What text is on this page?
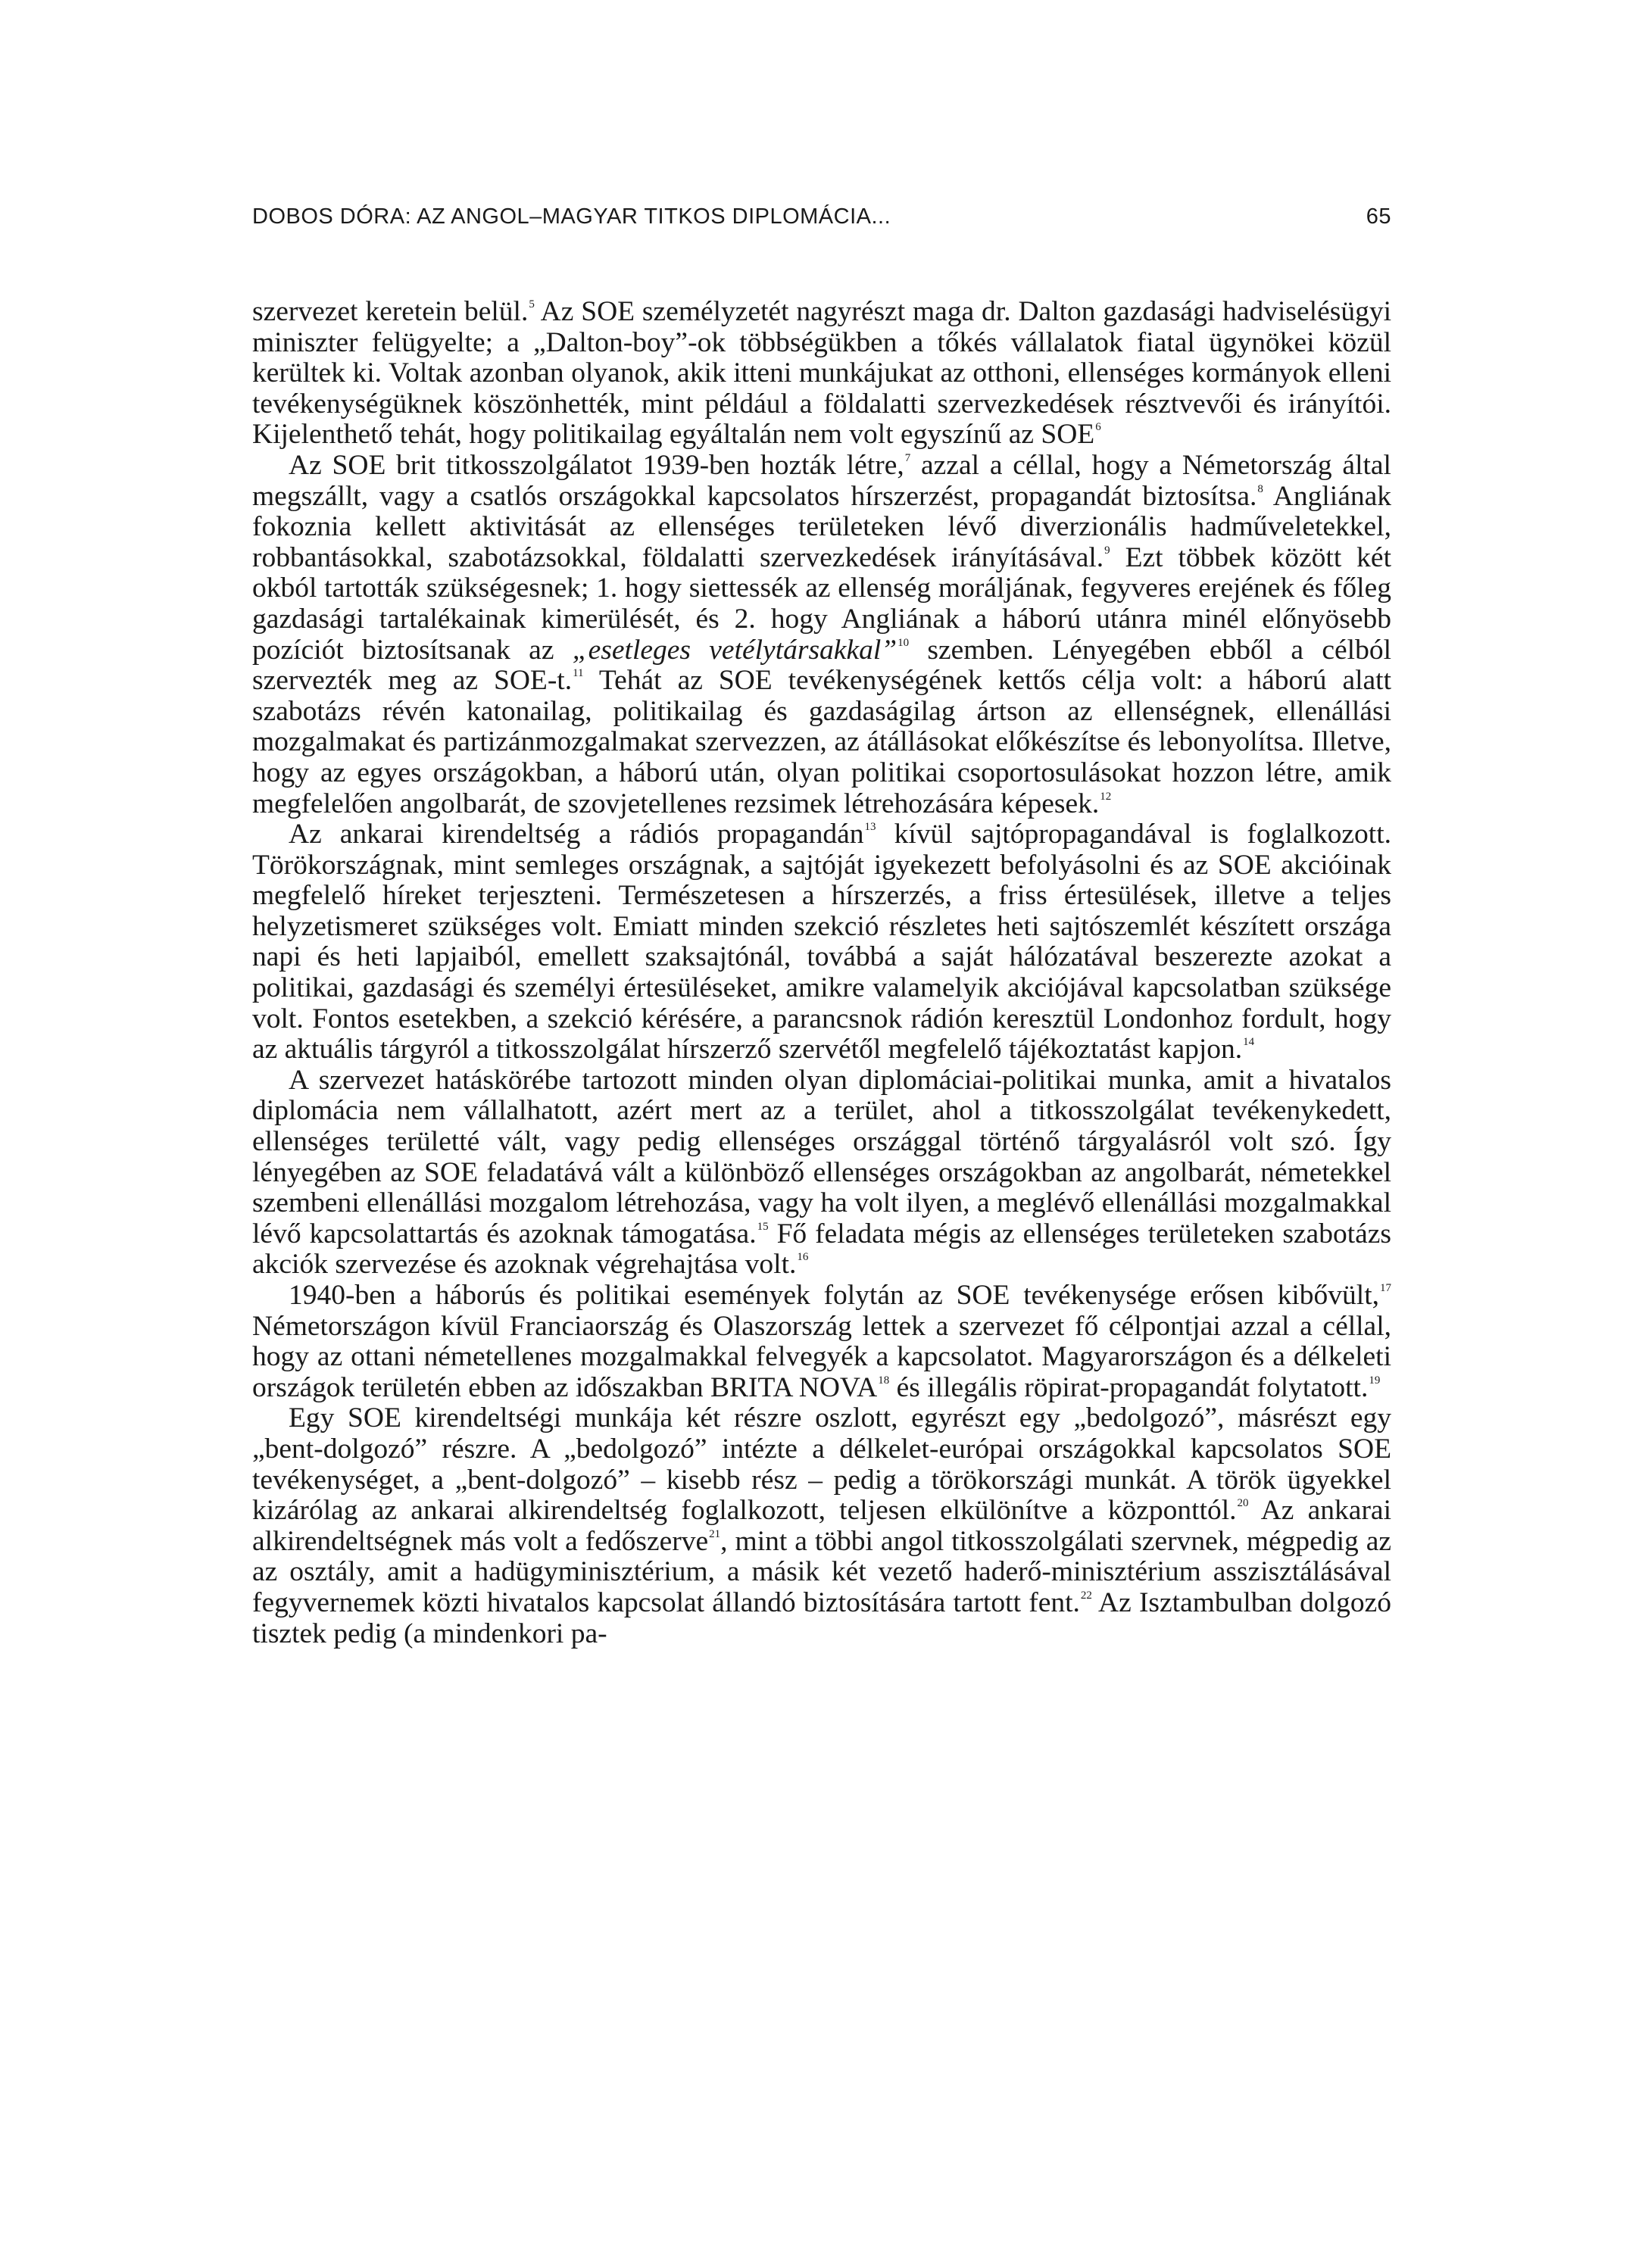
DOBOS DÓRA: AZ ANGOL–MAGYAR TITKOS DIPLOMÁCIA...	65

szervezet keretein belül.$^5$ Az SOE személyzetét nagyrészt maga dr. Dalton gazdasági hadviselésügyi miniszter felügyelte; a „Dalton-boy”-ok többségükben a tőkés vállalatok fiatal ügynökei közül kerültek ki. Voltak azonban olyanok, akik itteni munkájukat az otthoni, ellenséges kormányok elleni tevékenységüknek köszönhették, mint például a földalatti szervezkedések résztvevői és irányítói. Kijelenthető tehát, hogy politikailag egyáltalán nem volt egyszínű az SOE$^6$

Az SOE brit titkosszolgálatot 1939-ben hozták létre,$^7$ azzal a céllal, hogy a Németország által megszállt, vagy a csatlós országokkal kapcsolatos hírszerzést, propagandát biztosítsa.$^8$ Angliának fokoznia kellett aktivitását az ellenséges területeken lévő diverzionális hadműveletekkel, robbantásokkal, szabotázsokkal, földalatti szervezkedések irányításával.$^9$ Ezt többek között két okból tartották szükségesnek; 1. hogy siettessék az ellenség moráljának, fegyveres erejének és főleg gazdasági tartalékainak kimerülését, és 2. hogy Angliának a háború utánra minél előnyösebb pozíciót biztosítsanak az „esetleges vetélytársakkal”$^{10}$ szemben. Lényegében ebből a célból szervezték meg az SOE-t.$^{11}$ Tehát az SOE tevékenységének kettős célja volt: a háború alatt szabotázs révén katonailag, politikailag és gazdaságilag ártson az ellenségnek, ellenállási mozgalmakat és partizánmozgalmakat szervezzen, az átállásokat előkészítse és lebonyolítsa. Illetve, hogy az egyes országokban, a háború után, olyan politikai csoportosulásokat hozzon létre, amik megfelelően angolbarát, de szovjetellenes rezsimek létrehozására képesek.$^{12}$

Az ankarai kirendeltség a rádiós propagandán$^{13}$ kívül sajtópropagandával is foglalkozott. Törökországnak, mint semleges országnak, a sajtóját igyekezett befolyásolni és az SOE akcióinak megfelelő híreket terjeszteni. Természetesen a hírszerzés, a friss értesülések, illetve a teljes helyzetismeret szükséges volt. Emiatt minden szekció részletes heti sajtószemlét készített országa napi és heti lapjaiból, emellett szaksajtónál, továbbá a saját hálózatával beszerezte azokat a politikai, gazdasági és személyi értesüléseket, amikre valamelyik akciójával kapcsolatban szüksége volt. Fontos esetekben, a szekció kérésére, a parancsnok rádión keresztül Londonhoz fordult, hogy az aktuális tárgyról a titkosszolgálat hírszerző szervétől megfelelő tájékoztatást kapjon.$^{14}$

A szervezet hatáskörébe tartozott minden olyan diplomáciai-politikai munka, amit a hivatalos diplomácia nem vállalhatott, azért mert az a terület, ahol a titkosszolgálat tevékenykedett, ellenséges területté vált, vagy pedig ellenséges országgal történő tárgyalásról volt szó. Így lényegében az SOE feladatává vált a különböző ellenséges országokban az angolbarát, németekkel szembeni ellenállási mozgalom létrehozása, vagy ha volt ilyen, a meglévő ellenállási mozgalmakkal lévő kapcsolattartás és azoknak támogatása.$^{15}$ Fő feladata mégis az ellenséges területeken szabotázs akciók szervezése és azoknak végrehajtása volt.$^{16}$

1940-ben a háborús és politikai események folytán az SOE tevékenysége erősen kibővült,$^{17}$ Németországon kívül Franciaország és Olaszország lettek a szervezet fő célpontjai azzal a céllal, hogy az ottani németellenes mozgalmakkal felvegyék a kapcsolatot. Magyarországon és a délkeleti országok területén ebben az időszakban BRITA NOVA$^{18}$ és illegális röpirat-propagandát folytatott.$^{19}$

Egy SOE kirendeltségi munkája két részre oszlott, egyrészt egy „bedolgozó”, másrészt egy „bent-dolgozó” részre. A „bedolgozó” intézte a délkelet-európai országokkal kapcsolatos SOE tevékenységet, a „bent-dolgozó” – kisebb rész – pedig a törökországi munkát. A török ügyekkel kizárólag az ankarai alkirendeltség foglalkozott, teljesen elkülönítve a központtól.$^{20}$ Az ankarai alkirendeltségnek más volt a fedőszerve$^{21}$, mint a többi angol titkosszolgálati szervnek, mégpedig az az osztály, amit a hadügyminisztérium, a másik két vezető haderő-minisztérium asszisztálásával fegyvernemek közti hivatalos kapcsolat állandó biztosítására tartott fent.$^{22}$ Az Isztambulban dolgozó tisztek pedig (a mindenkori pa-
